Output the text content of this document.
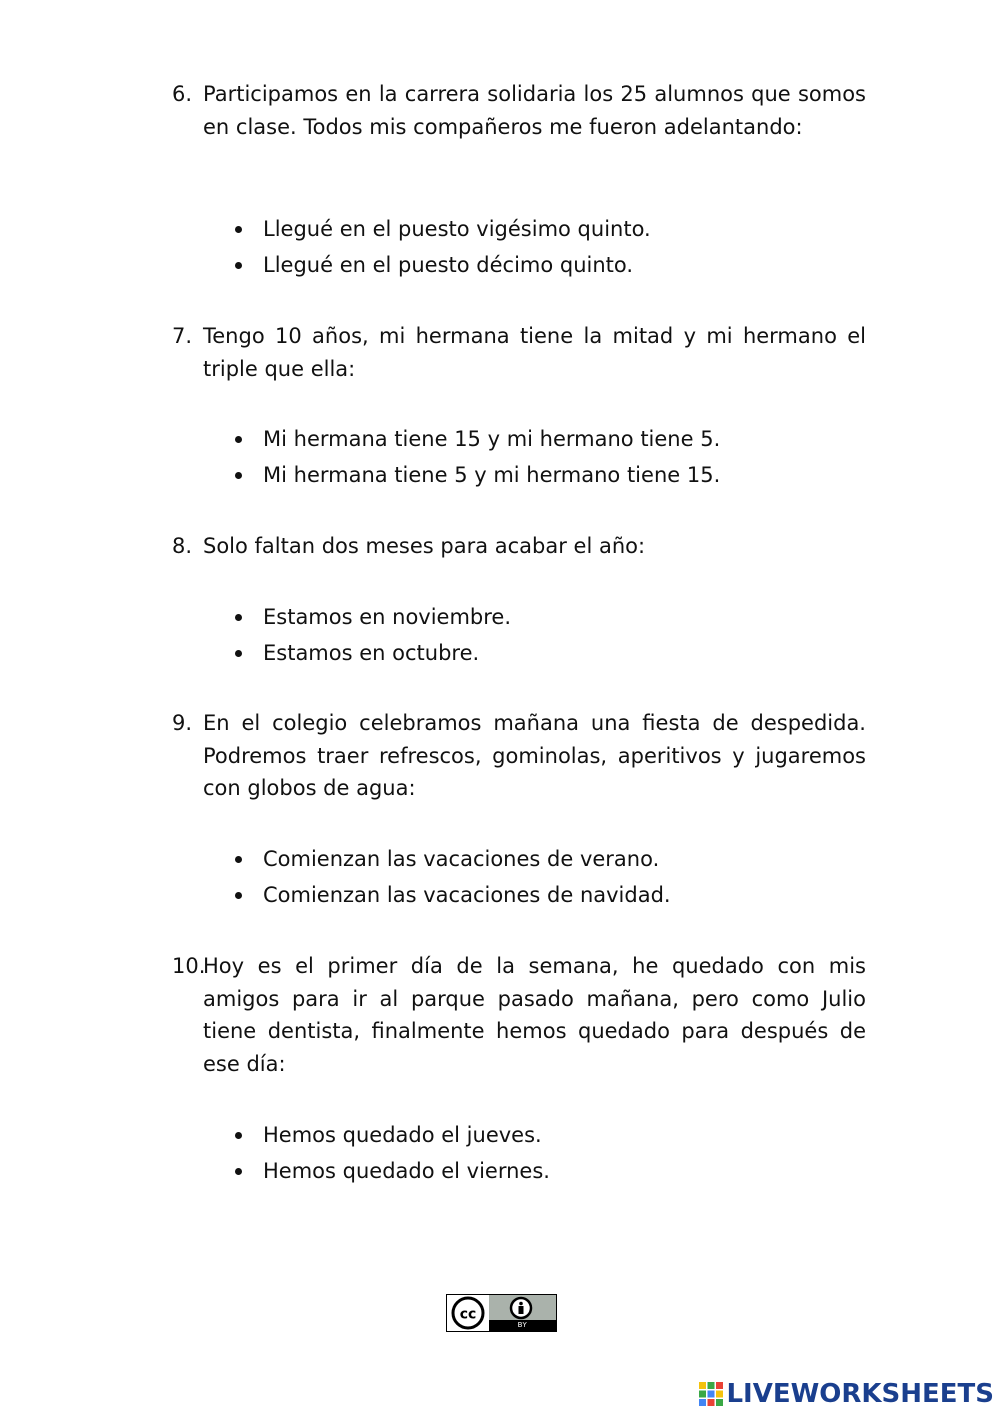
6. Participamos en la carrera solidaria los 25 alumnos que somos en clase. Todos mis compañeros me fueron adelantando:
Llegué en el puesto vigésimo quinto.
Llegué en el puesto décimo quinto.
7. Tengo 10 años, mi hermana tiene la mitad y mi hermano el triple que ella:
Mi hermana tiene 15 y mi hermano tiene 5.
Mi hermana tiene 5 y mi hermano tiene 15.
8. Solo faltan dos meses para acabar el año:
Estamos en noviembre.
Estamos en octubre.
9. En el colegio celebramos mañana una fiesta de despedida. Podremos traer refrescos, gominolas, aperitivos y jugaremos con globos de agua:
Comienzan las vacaciones de verano.
Comienzan las vacaciones de navidad.
10.
Hoy es el primer día de la semana, he quedado con mis amigos para ir al parque pasado mañana, pero como Julio tiene dentista, finalmente hemos quedado para después de ese día:
Hemos quedado el jueves.
Hemos quedado el viernes.
cc
BY
LIVEWORKSHEETS
